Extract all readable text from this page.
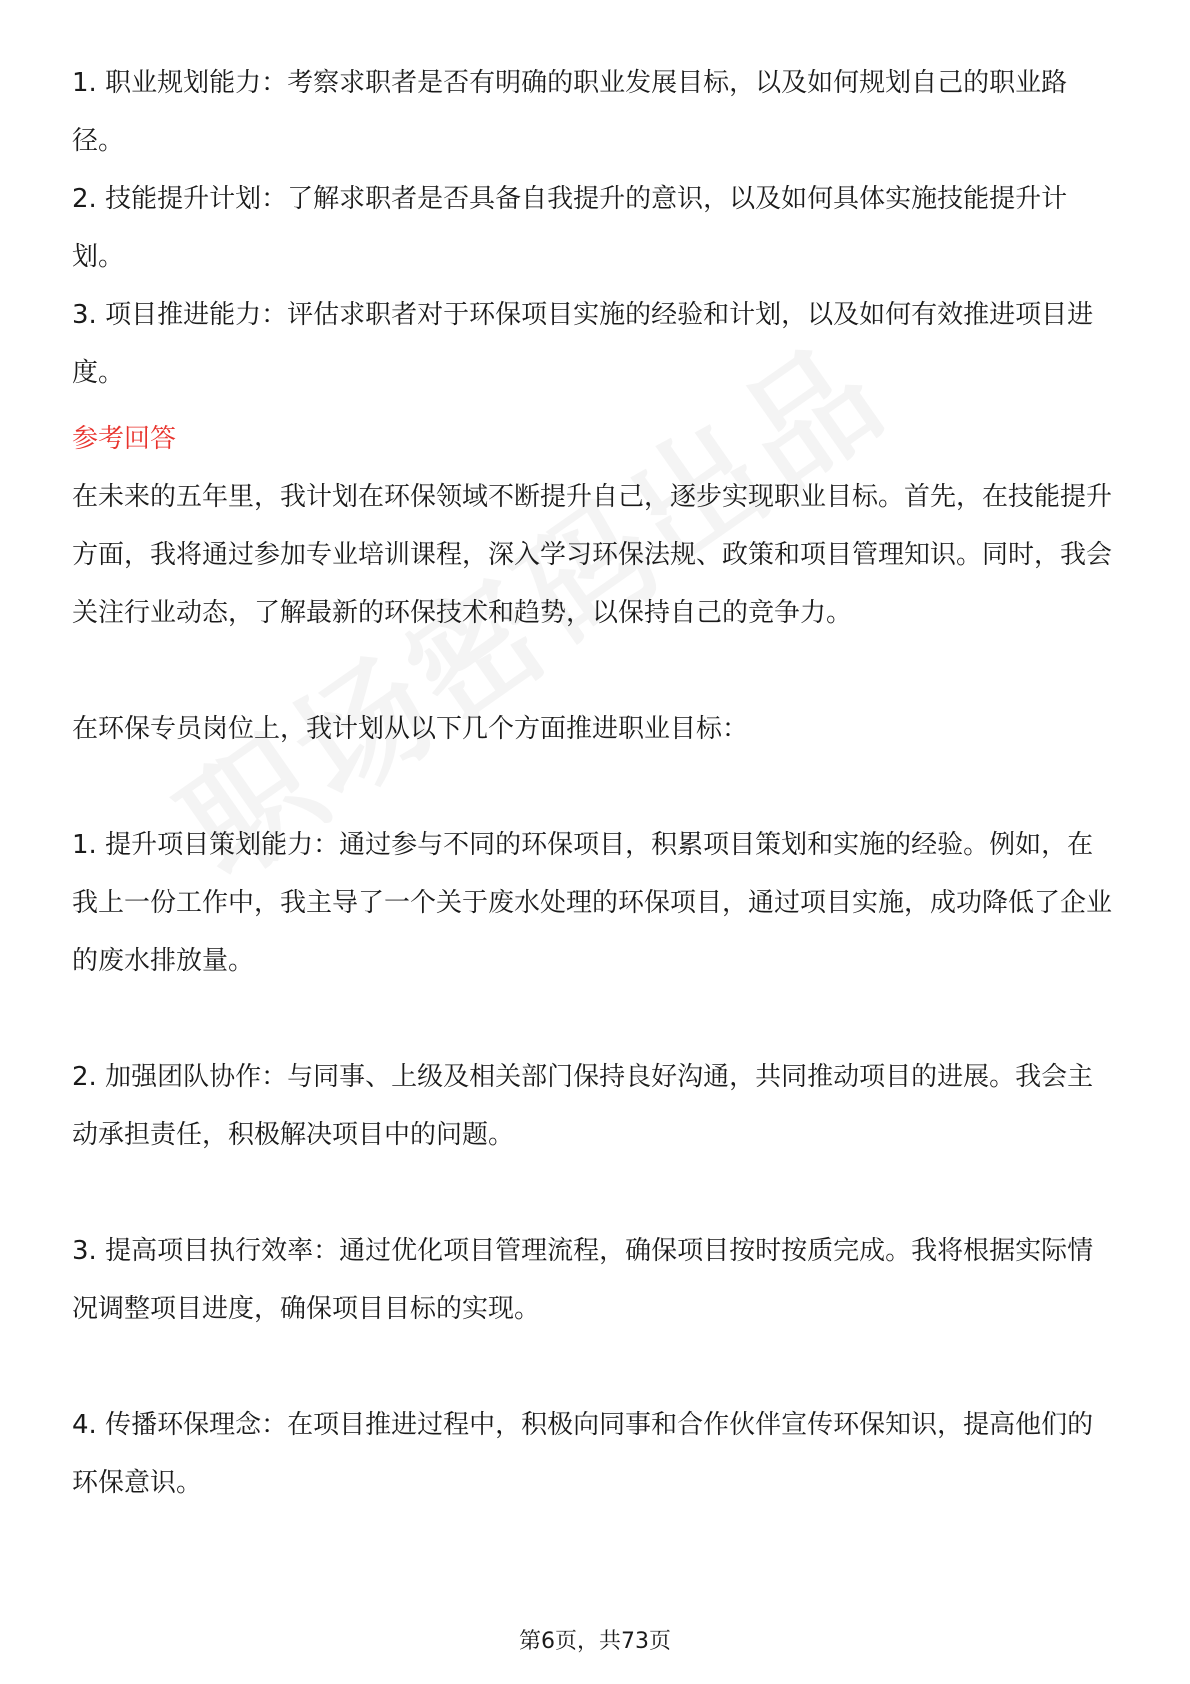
1. 职业规划能力：考察求职者是否有明确的职业发展目标，以及如何规划自己的职业路径。

2. 技能提升计划：了解求职者是否具备自我提升的意识，以及如何具体实施技能提升计划。

3. 项目推进能力：评估求职者对于环保项目实施的经验和计划，以及如何有效推进项目进度。

参考回答

在未来的五年里，我计划在环保领域不断提升自己，逐步实现职业目标。首先，在技能提升方面，我将通过参加专业培训课程，深入学习环保法规、政策和项目管理知识。同时，我会关注行业动态，了解最新的环保技术和趋势，以保持自己的竞争力。

在环保专员岗位上，我计划从以下几个方面推进职业目标：

1. 提升项目策划能力：通过参与不同的环保项目，积累项目策划和实施的经验。例如，在我上一份工作中，我主导了一个关于废水处理的环保项目，通过项目实施，成功降低了企业的废水排放量。

2. 加强团队协作：与同事、上级及相关部门保持良好沟通，共同推动项目的进展。我会主动承担责任，积极解决项目中的问题。

3. 提高项目执行效率：通过优化项目管理流程，确保项目按时按质完成。我将根据实际情况调整项目进度，确保项目目标的实现。

4. 传播环保理念：在项目推进过程中，积极向同事和合作伙伴宣传环保知识，提高他们的环保意识。

第6页，共73页
